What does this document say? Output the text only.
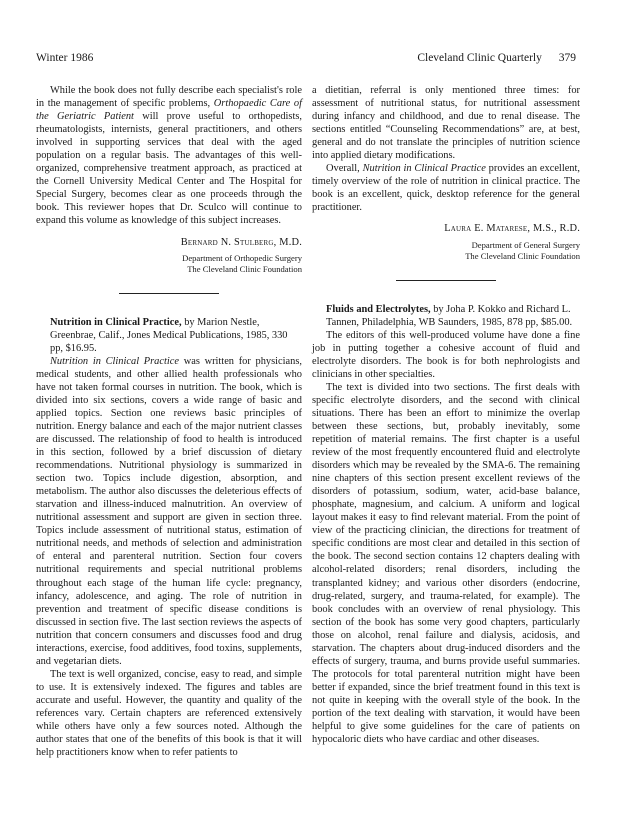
Winter 1986	Cleveland Clinic Quarterly 379

While the book does not fully describe each specialist's role in the management of specific problems, Orthopaedic Care of the Geriatric Patient will prove useful to orthopedists, rheumatologists, internists, general practitioners, and others involved in supporting services that deal with the aged population on a regular basis. The advantages of this well-organized, comprehensive treatment approach, as practiced at the Cornell University Medical Center and The Hospital for Special Surgery, becomes clear as one proceeds through the book. This reviewer hopes that Dr. Sculco will continue to expand this volume as knowledge of this subject increases.

Bernard N. Stulberg, M.D.
Department of Orthopedic Surgery
The Cleveland Clinic Foundation

Nutrition in Clinical Practice, by Marion Nestle, Greenbrae, Calif., Jones Medical Publications, 1985, 330 pp, $16.95.

Nutrition in Clinical Practice was written for physicians, medical students, and other allied health professionals who have not taken formal courses in nutrition. The book, which is divided into six sections, covers a wide range of basic and applied topics. Section one reviews basic principles of nutrition. Energy balance and each of the major nutrient classes are discussed. The relationship of food to health is introduced in this section, followed by a brief discussion of dietary recommendations. Nutritional physiology is summarized in section two. Topics include digestion, absorption, and metabolism. The author also discusses the deleterious effects of starvation and illness-induced malnutrition. An overview of nutritional assessment and support are given in section three. Topics include assessment of nutritional status, estimation of nutritional needs, and methods of selection and administration of enteral and parenteral nutrition. Section four covers nutritional requirements and special nutritional problems throughout each stage of the human life cycle: pregnancy, infancy, adolescence, and aging. The role of nutrition in prevention and treatment of specific disease conditions is discussed in section five. The last section reviews the aspects of nutrition that concern consumers and discusses food and drug interactions, exercise, food additives, food toxins, supplements, and vegetarian diets.

The text is well organized, concise, easy to read, and simple to use. It is extensively indexed. The figures and tables are accurate and useful. However, the quantity and quality of the references vary. Certain chapters are referenced extensively while others have only a few sources noted. Although the author states that one of the benefits of this book is that it will help practitioners know when to refer patients to

a dietitian, referral is only mentioned three times: for assessment of nutritional status, for nutritional assessment during infancy and childhood, and due to renal disease. The sections entitled “Counseling Recommendations” are, at best, general and do not translate the principles of nutrition science into applied dietary modifications.

Overall, Nutrition in Clinical Practice provides an excellent, timely overview of the role of nutrition in clinical practice. The book is an excellent, quick, desktop reference for the general practitioner.

Laura E. Matarese, M.S., R.D.
Department of General Surgery
The Cleveland Clinic Foundation

Fluids and Electrolytes, by Joha P. Kokko and Richard L. Tannen, Philadelphia, WB Saunders, 1985, 878 pp, $85.00.

The editors of this well-produced volume have done a fine job in putting together a cohesive account of fluid and electrolyte disorders. The book is for both nephrologists and clinicians in other specialties.

The text is divided into two sections. The first deals with specific electrolyte disorders, and the second with clinical situations. There has been an effort to minimize the overlap between these sections, but, probably inevitably, some repetition of material remains. The first chapter is a useful review of the most frequently encountered fluid and electrolyte disorders which may be revealed by the SMA-6. The remaining nine chapters of this section present excellent reviews of the disorders of potassium, sodium, water, acid-base balance, phosphate, magnesium, and calcium. A uniform and logical layout makes it easy to find relevant material. From the point of view of the practicing clinician, the directions for treatment of specific conditions are most clear and detailed in this section of the book. The second section contains 12 chapters dealing with alcohol-related disorders; renal disorders, including the transplanted kidney; and various other disorders (endocrine, drug-related, surgery, and trauma-related, for example). The book concludes with an overview of renal physiology. This section of the book has some very good chapters, particularly those on alcohol, renal failure and dialysis, acidosis, and starvation. The chapters about drug-induced disorders and the effects of surgery, trauma, and burns provide useful summaries. The protocols for total parenteral nutrition might have been better if expanded, since the brief treatment found in this text is not quite in keeping with the overall style of the book. In the portion of the text dealing with starvation, it would have been helpful to give some guidelines for the care of patients on hypocaloric diets who have cardiac and other diseases.
